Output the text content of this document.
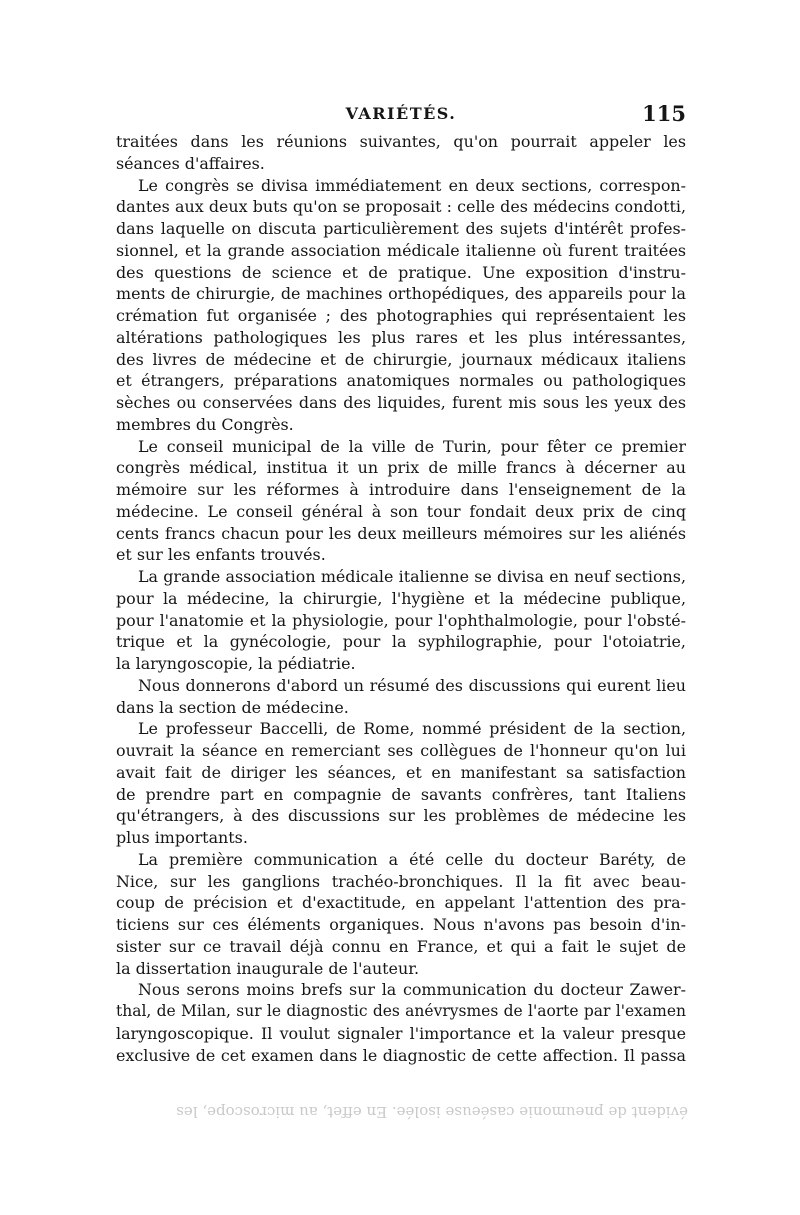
VARIÉTÉS.	115
traitées dans les réunions suivantes, qu'on pourrait appeler les
séances d'affaires.
Le congrès se divisa immédiatement en deux sections, correspon-
dantes aux deux buts qu'on se proposait : celle des médecins condotti,
dans laquelle on discuta particulièrement des sujets d'intérêt profes-
sionnel, et la grande association médicale italienne où furent traitées
des questions de science et de pratique. Une exposition d'instru-
ments de chirurgie, de machines orthopédiques, des appareils pour la
crémation fut organisée ; des photographies qui représentaient les
altérations pathologiques les plus rares et les plus intéressantes,
des livres de médecine et de chirurgie, journaux médicaux italiens
et étrangers, préparations anatomiques normales ou pathologiques
sèches ou conservées dans des liquides, furent mis sous les yeux des
membres du Congrès.
Le conseil municipal de la ville de Turin, pour fêter ce premier
congrès médical, institua it un prix de mille francs à décerner au
mémoire sur les réformes à introduire dans l'enseignement de la
médecine. Le conseil général à son tour fondait deux prix de cinq
cents francs chacun pour les deux meilleurs mémoires sur les aliénés
et sur les enfants trouvés.
La grande association médicale italienne se divisa en neuf sections,
pour la médecine, la chirurgie, l'hygiène et la médecine publique,
pour l'anatomie et la physiologie, pour l'ophthalmologie, pour l'obsté-
trique et la gynécologie, pour la syphilographie, pour l'otoiatrie,
la laryngoscopie, la pédiatrie.
Nous donnerons d'abord un résumé des discussions qui eurent lieu
dans la section de médecine.
Le professeur Baccelli, de Rome, nommé président de la section,
ouvrait la séance en remerciant ses collègues de l'honneur qu'on lui
avait fait de diriger les séances, et en manifestant sa satisfaction
de prendre part en compagnie de savants confrères, tant Italiens
qu'étrangers, à des discussions sur les problèmes de médecine les
plus importants.
La première communication a été celle du docteur Baréty, de
Nice, sur les ganglions trachéo-bronchiques. Il la fit avec beau-
coup de précision et d'exactitude, en appelant l'attention des pra-
ticiens sur ces éléments organiques. Nous n'avons pas besoin d'in-
sister sur ce travail déjà connu en France, et qui a fait le sujet de
la dissertation inaugurale de l'auteur.
Nous serons moins brefs sur la communication du docteur Zawer-
thal, de Milan, sur le diagnostic des anévrysmes de l'aorte par l'examen
laryngoscopique. Il voulut signaler l'importance et la valeur presque
exclusive de cet examen dans le diagnostic de cette affection. Il passa
évident de pneumonie caséeuse isolée. En effet, au microscope, les
